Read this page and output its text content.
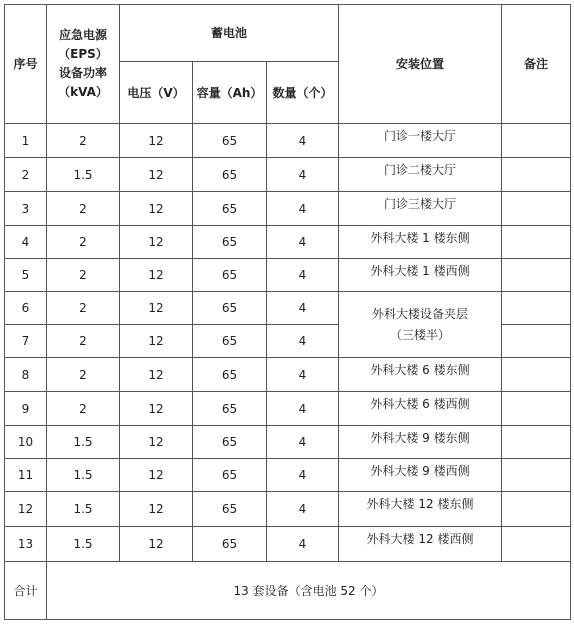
序号	应急电源
（EPS）
设备功率
（kVA）	蓄电池			安装位置	备注
		电压（V）	容量（Ah）	数量（个）		
1	2	12	65	4	门诊一楼大厅	
2	1.5	12	65	4	门诊二楼大厅	
3	2	12	65	4	门诊三楼大厅	
4	2	12	65	4	外科大楼 1 楼东侧	
5	2	12	65	4	外科大楼 1 楼西侧	
6	2	12	65	4	外科大楼设备夹层
（三楼半）	

7	2	12	65	4		
8	2	12	65	4	外科大楼 6 楼东侧	
9	2	12	65	4	外科大楼 6 楼西侧	
10	1.5	12	65	4	外科大楼 9 楼东侧	
11	1.5	12	65	4	外科大楼 9 楼西侧	
12	1.5	12	65	4	外科大楼 12 楼东侧	
13	1.5	12	65	4	外科大楼 12 楼西侧	
合计	13 套设备（含电池 52 个）					
